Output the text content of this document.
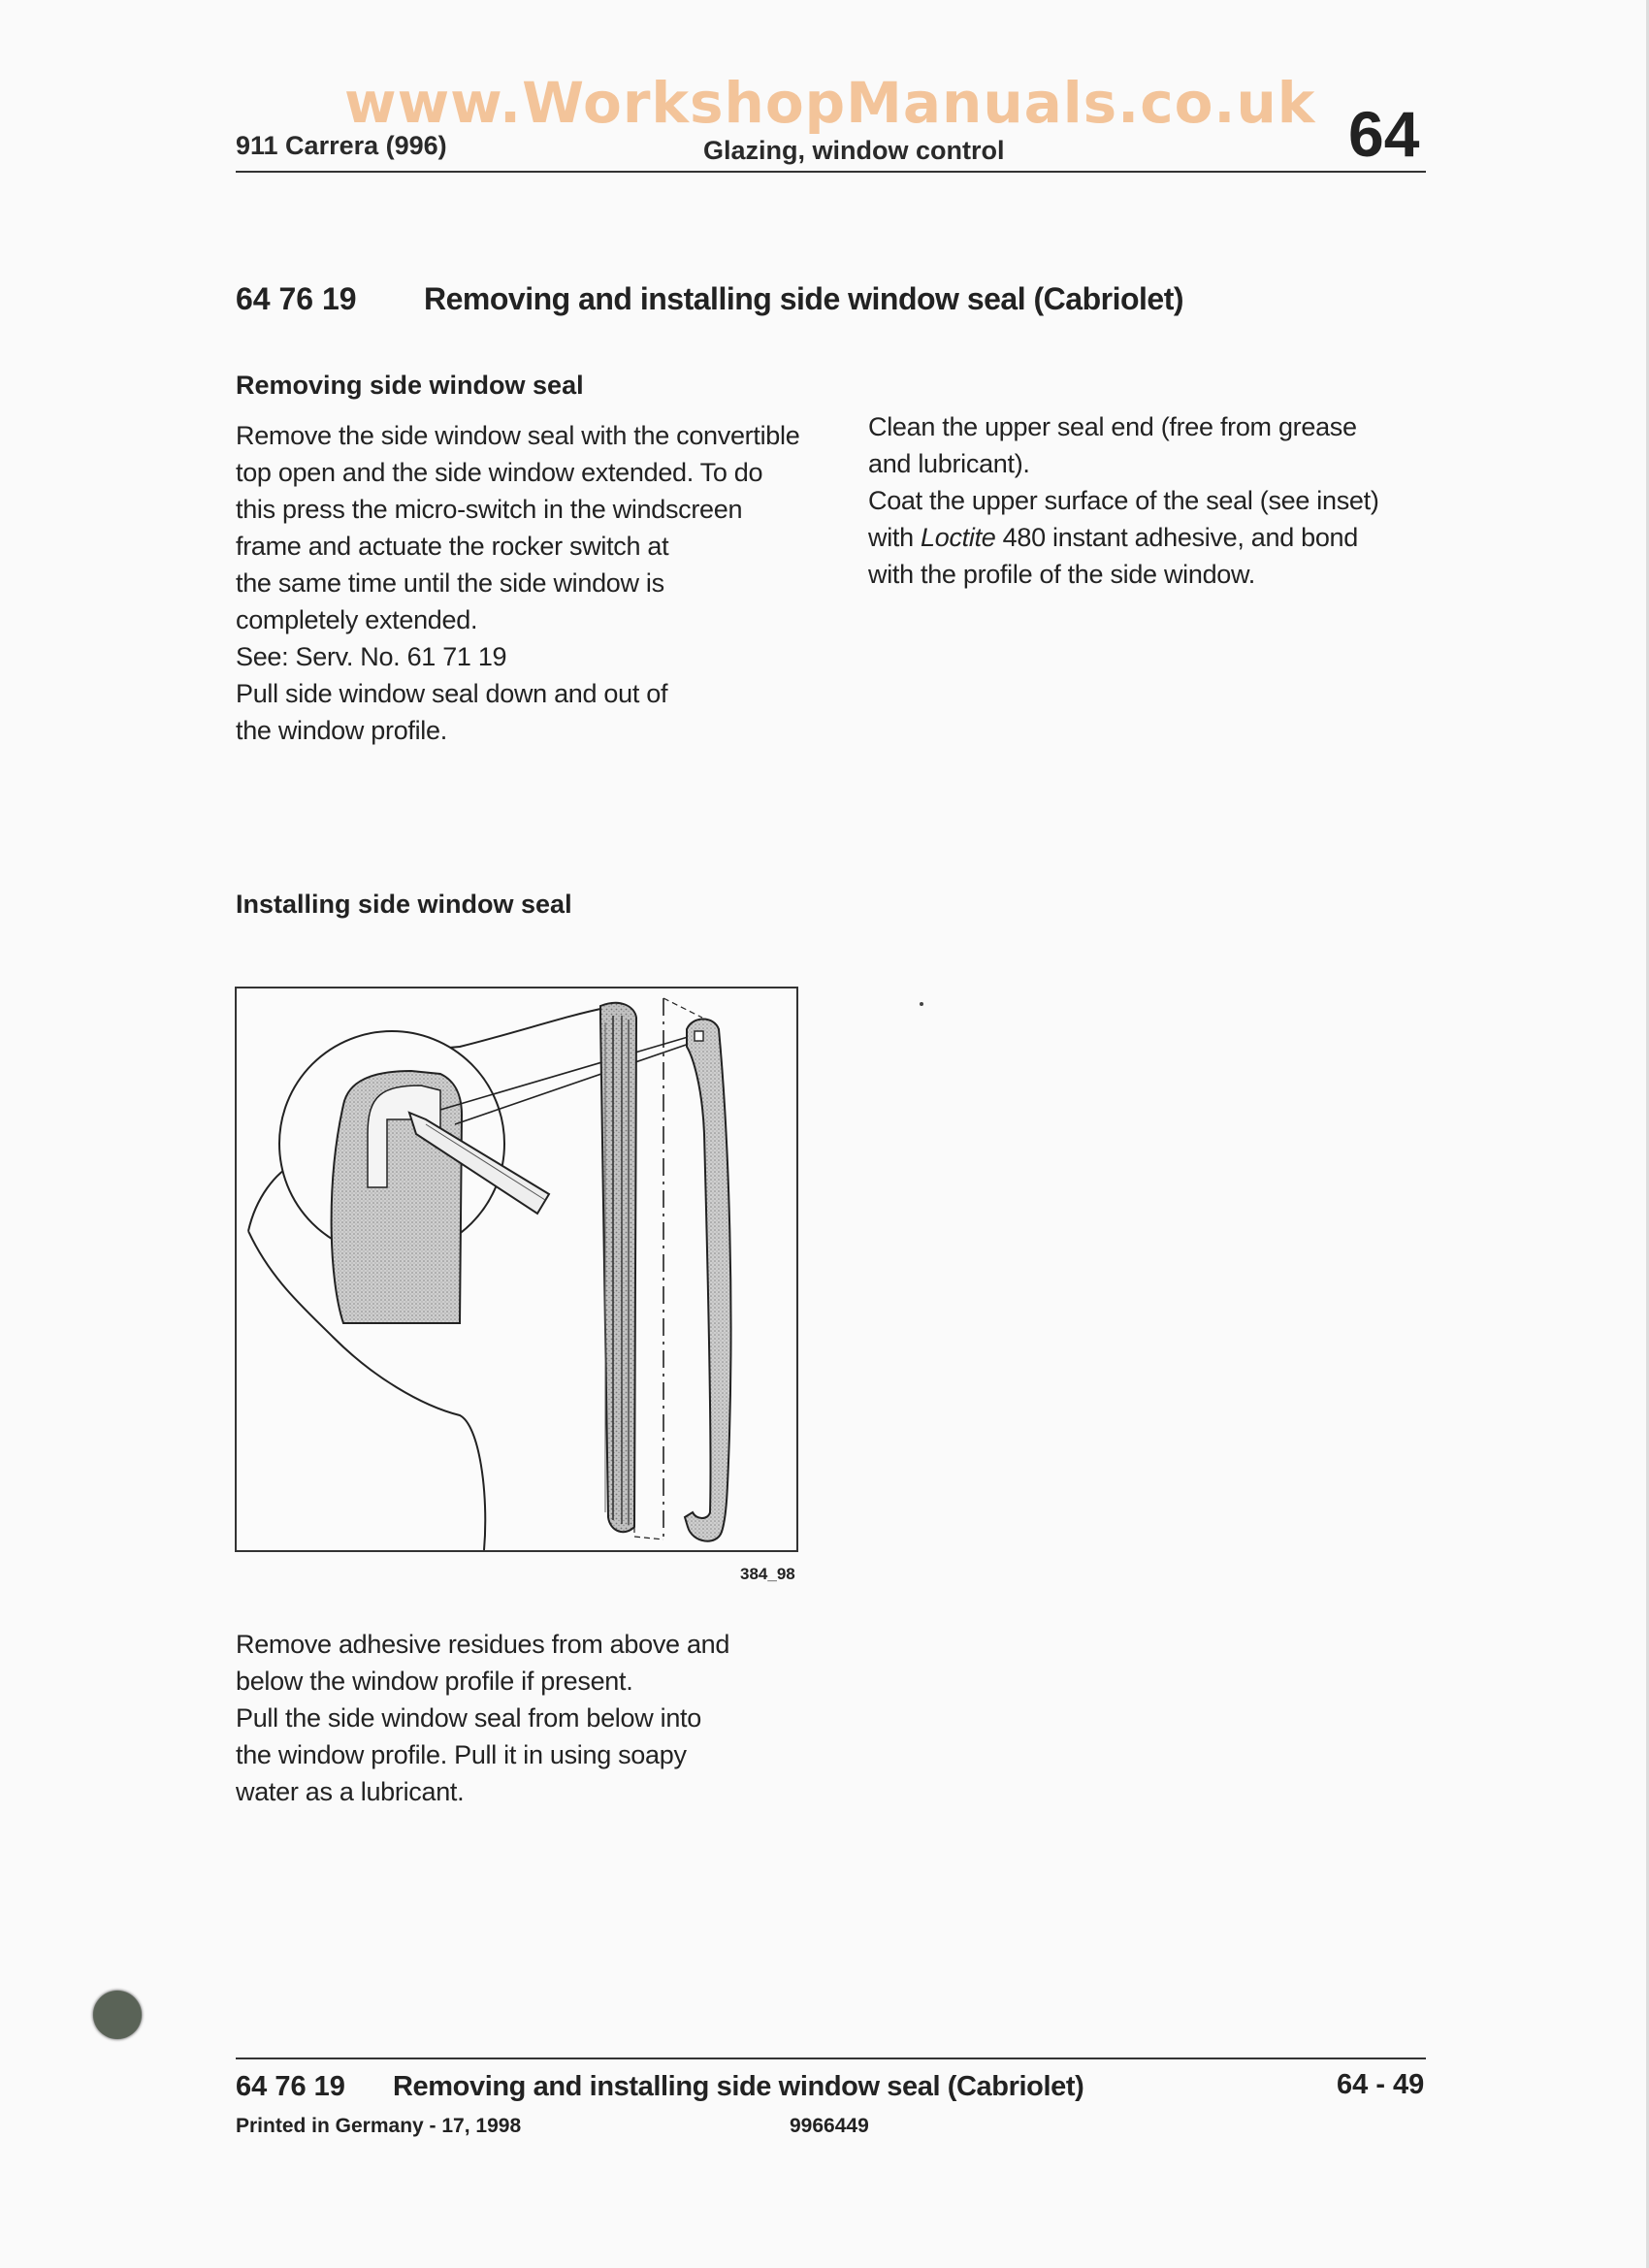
www.WorkshopManuals.co.uk
911 Carrera (996)	Glazing, window control	64
64 76 19 Removing and installing side window seal (Cabriolet)
Removing side window seal
Remove the side window seal with the convertible
top open and the side window extended. To do
this press the micro-switch in the windscreen
frame and actuate the rocker switch at
the same time until the side window is
completely extended.
See: Serv. No. 61 71 19
Pull side window seal down and out of
the window profile.
Clean the upper seal end (free from grease
and lubricant).
Coat the upper surface of the seal (see inset)
with Loctite 480 instant adhesive, and bond
with the profile of the side window.
Installing side window seal
384_98
Remove adhesive residues from above and
below the window profile if present.
Pull the side window seal from below into
the window profile. Pull it in using soapy
water as a lubricant.
64 76 19 Removing and installing side window seal (Cabriolet)	64 - 49
Printed in Germany - 17, 1998	9966449
